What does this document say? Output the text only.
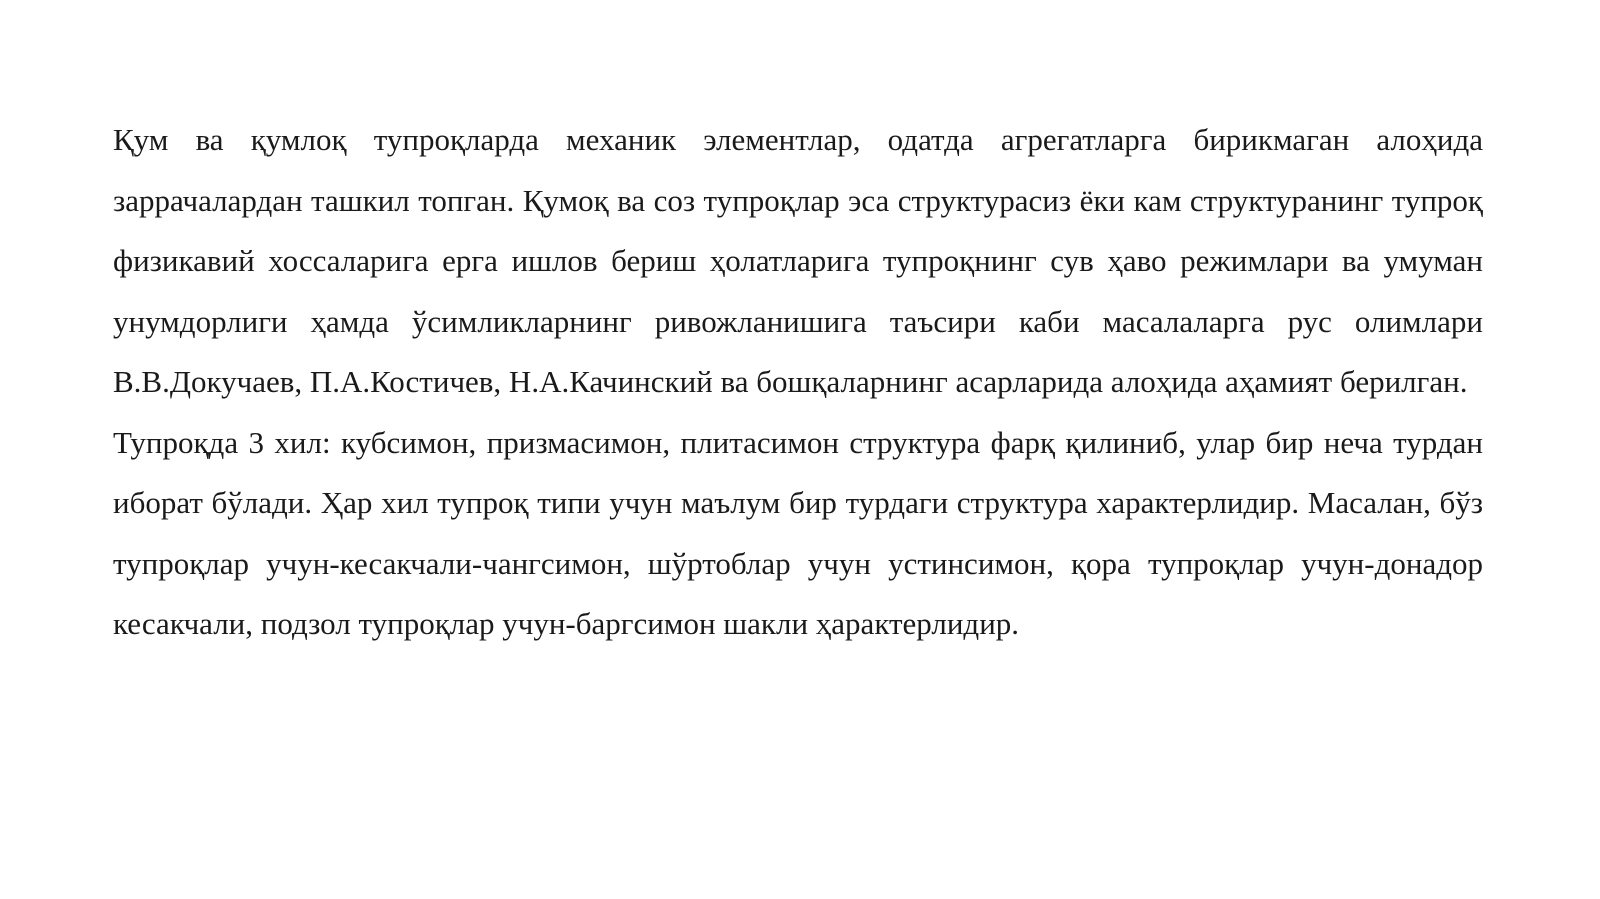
Қум ва қумлоқ тупроқларда механик элементлар, одатда агрегатларга бирикмаган алоҳида заррачалардан ташкил топган. Қумоқ ва соз тупроқлар эса структурасиз ёки кам структуранинг тупроқ физикавий хоссаларига ерга ишлов бериш ҳолатларига тупроқнинг сув ҳаво режимлари ва умуман унумдорлиги ҳамда ўсимликларнинг ривожланишига таъсири каби масалаларга рус олимлари В.В.Докучаев, П.А.Костичев, Н.А.Качинский ва бошқаларнинг асарларида алоҳида аҳамият берилган.

Тупроқда 3 хил: кубсимон, призмасимон, плитасимон структура фарқ қилиниб, улар бир неча турдан иборат бўлади. Ҳар хил тупроқ типи учун маълум бир турдаги структура характерлидир. Масалан, бўз тупроқлар учун-кесакчали-чангсимон, шўртоблар учун устинсимон, қора тупроқлар учун-донадор кесакчали, подзол тупроқлар учун-баргсимон шакли ҳарактерлидир.
